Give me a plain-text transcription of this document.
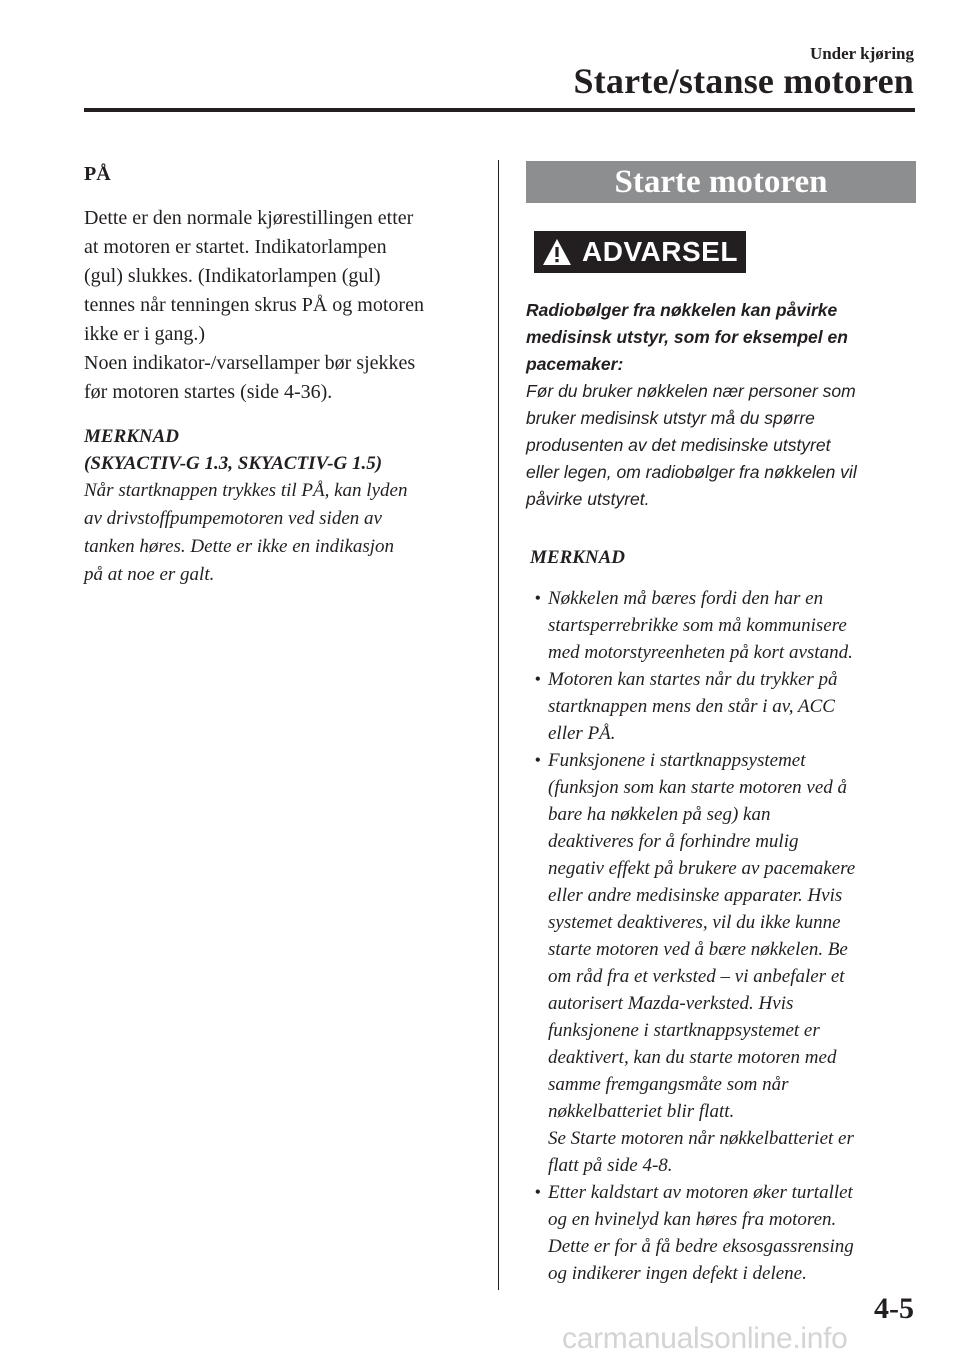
Under kjøring
Starte/stanse motoren
PÅ
Dette er den normale kjørestillingen etter
at motoren er startet. Indikatorlampen
(gul) slukkes. (Indikatorlampen (gul)
tennes når tenningen skrus PÅ og motoren
ikke er i gang.)
Noen indikator-/varsellamper bør sjekkes
før motoren startes (side 4-36).
MERKNAD
(SKYACTIV-G 1.3, SKYACTIV-G 1.5)
Når startknappen trykkes til PÅ, kan lyden
av drivstoffpumpemotoren ved siden av
tanken høres. Dette er ikke en indikasjon
på at noe er galt.
Starte motoren
ADVARSEL
Radiobølger fra nøkkelen kan påvirke
medisinsk utstyr, som for eksempel en
pacemaker:
Før du bruker nøkkelen nær personer som
bruker medisinsk utstyr må du spørre
produsenten av det medisinske utstyret
eller legen, om radiobølger fra nøkkelen vil
påvirke utstyret.
MERKNAD
• Nøkkelen må bæres fordi den har en
startsperrebrikke som må kommunisere
med motorstyreenheten på kort avstand.
• Motoren kan startes når du trykker på
startknappen mens den står i av, ACC
eller PÅ.
• Funksjonene i startknappsystemet
(funksjon som kan starte motoren ved å
bare ha nøkkelen på seg) kan
deaktiveres for å forhindre mulig
negativ effekt på brukere av pacemakere
eller andre medisinske apparater. Hvis
systemet deaktiveres, vil du ikke kunne
starte motoren ved å bære nøkkelen. Be
om råd fra et verksted – vi anbefaler et
autorisert Mazda-verksted. Hvis
funksjonene i startknappsystemet er
deaktivert, kan du starte motoren med
samme fremgangsmåte som når
nøkkelbatteriet blir flatt.
Se Starte motoren når nøkkelbatteriet er
flatt på side 4-8.
• Etter kaldstart av motoren øker turtallet
og en hvinelyd kan høres fra motoren.
Dette er for å få bedre eksosgassrensing
og indikerer ingen defekt i delene.
4-5
carmanualsonline.info
